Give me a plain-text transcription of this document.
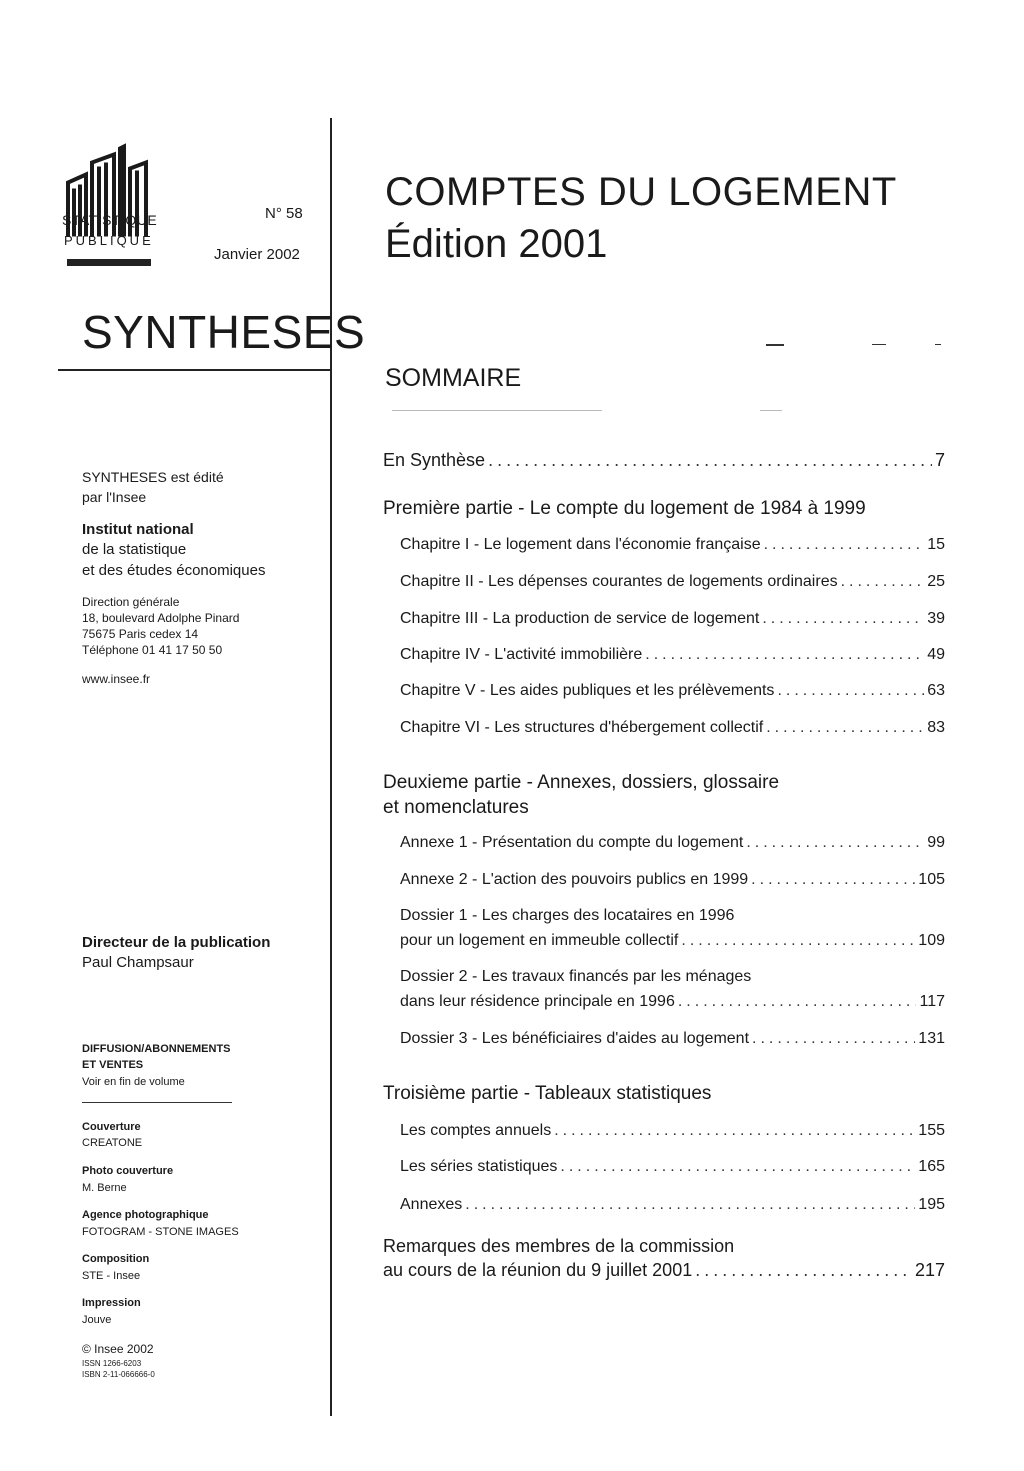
STATISTIQUE
PUBLIQUE
N° 58
Janvier 2002
SYNTHESES
COMPTES DU LOGEMENT
Édition 2001
SOMMAIRE
SYNTHESES est édité
par l'Insee
Institut national
de la statistique
et des études économiques
Direction générale
18, boulevard Adolphe Pinard
75675 Paris cedex 14
Téléphone 01 41 17 50 50
www.insee.fr
Directeur de la publication
Paul Champsaur
DIFFUSION/ABONNEMENTS
ET VENTES
Voir en fin de volume
Couverture
CREATONE
Photo couverture
M. Berne
Agence photographique
FOTOGRAM - STONE IMAGES
Composition
STE - Insee
Impression
Jouve
© Insee 2002
ISSN 1266-6203
ISBN 2-11-066666-0
En Synthèse .....	7
Première partie - Le compte du logement de 1984 à 1999
Chapitre I - Le logement dans l'économie française .....	15
Chapitre II - Les dépenses courantes de logements ordinaires .....	25
Chapitre III - La production de service de logement .....	39
Chapitre IV - L'activité immobilière .....	49
Chapitre V - Les aides publiques et les prélèvements .....	63
Chapitre VI - Les structures d'hébergement collectif .....	83
Deuxieme partie - Annexes, dossiers, glossaire
et nomenclatures
Annexe 1 - Présentation du compte du logement .....	99
Annexe 2 - L'action des pouvoirs publics en 1999 .....	105
Dossier 1 - Les charges des locataires en 1996
pour un logement en immeuble collectif .....	109
Dossier 2 - Les travaux financés par les ménages
dans leur résidence principale en 1996 .....	117
Dossier 3 - Les bénéficiaires d'aides au logement .....	131
Troisième partie - Tableaux statistiques
Les comptes annuels .....	155
Les séries statistiques .....	165
Annexes .....	195
Remarques des membres de la commission
au cours de la réunion du 9 juillet 2001 .....	217
